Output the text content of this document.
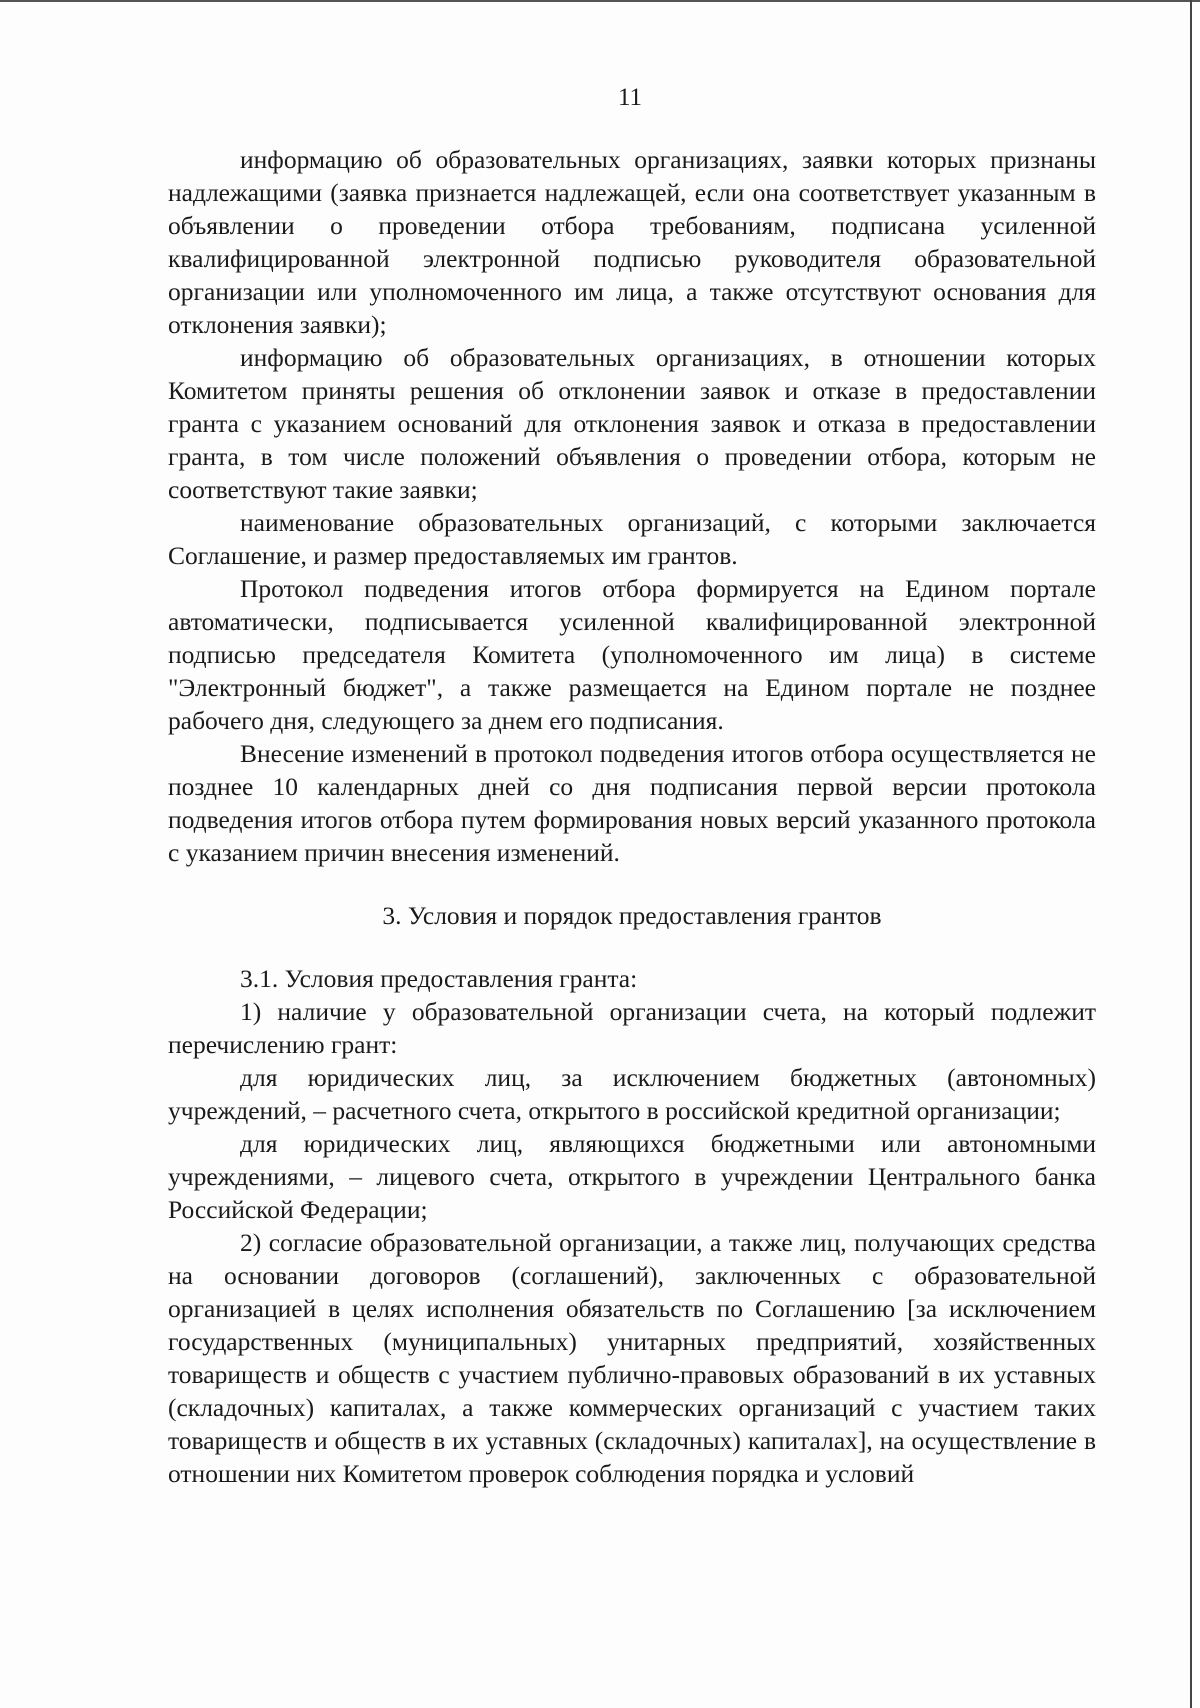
11

информацию об образовательных организациях, заявки которых признаны надлежащими (заявка признается надлежащей, если она соответствует указанным в объявлении о проведении отбора требованиям, подписана усиленной квалифицированной электронной подписью руководителя образовательной организации или уполномоченного им лица, а также отсутствуют основания для отклонения заявки);

информацию об образовательных организациях, в отношении которых Комитетом приняты решения об отклонении заявок и отказе в предоставлении гранта с указанием оснований для отклонения заявок и отказа в предоставлении гранта, в том числе положений объявления о проведении отбора, которым не соответствуют такие заявки;

наименование образовательных организаций, с которыми заключается Соглашение, и размер предоставляемых им грантов.

Протокол подведения итогов отбора формируется на Едином портале автоматически, подписывается усиленной квалифицированной электронной подписью председателя Комитета (уполномоченного им лица) в системе "Электронный бюджет", а также размещается на Едином портале не позднее рабочего дня, следующего за днем его подписания.

Внесение изменений в протокол подведения итогов отбора осуществляется не позднее 10 календарных дней со дня подписания первой версии протокола подведения итогов отбора путем формирования новых версий указанного протокола с указанием причин внесения изменений.

3. Условия и порядок предоставления грантов

3.1. Условия предоставления гранта:

1) наличие у образовательной организации счета, на который подлежит перечислению грант:

для юридических лиц, за исключением бюджетных (автономных) учреждений, – расчетного счета, открытого в российской кредитной организации;

для юридических лиц, являющихся бюджетными или автономными учреждениями, – лицевого счета, открытого в учреждении Центрального банка Российской Федерации;

2) согласие образовательной организации, а также лиц, получающих средства на основании договоров (соглашений), заключенных с образовательной организацией в целях исполнения обязательств по Соглашению [за исключением государственных (муниципальных) унитарных предприятий, хозяйственных товариществ и обществ с участием публично-правовых образований в их уставных (складочных) капиталах, а также коммерческих организаций с участием таких товариществ и обществ в их уставных (складочных) капиталах], на осуществление в отношении них Комитетом проверок соблюдения порядка и условий
